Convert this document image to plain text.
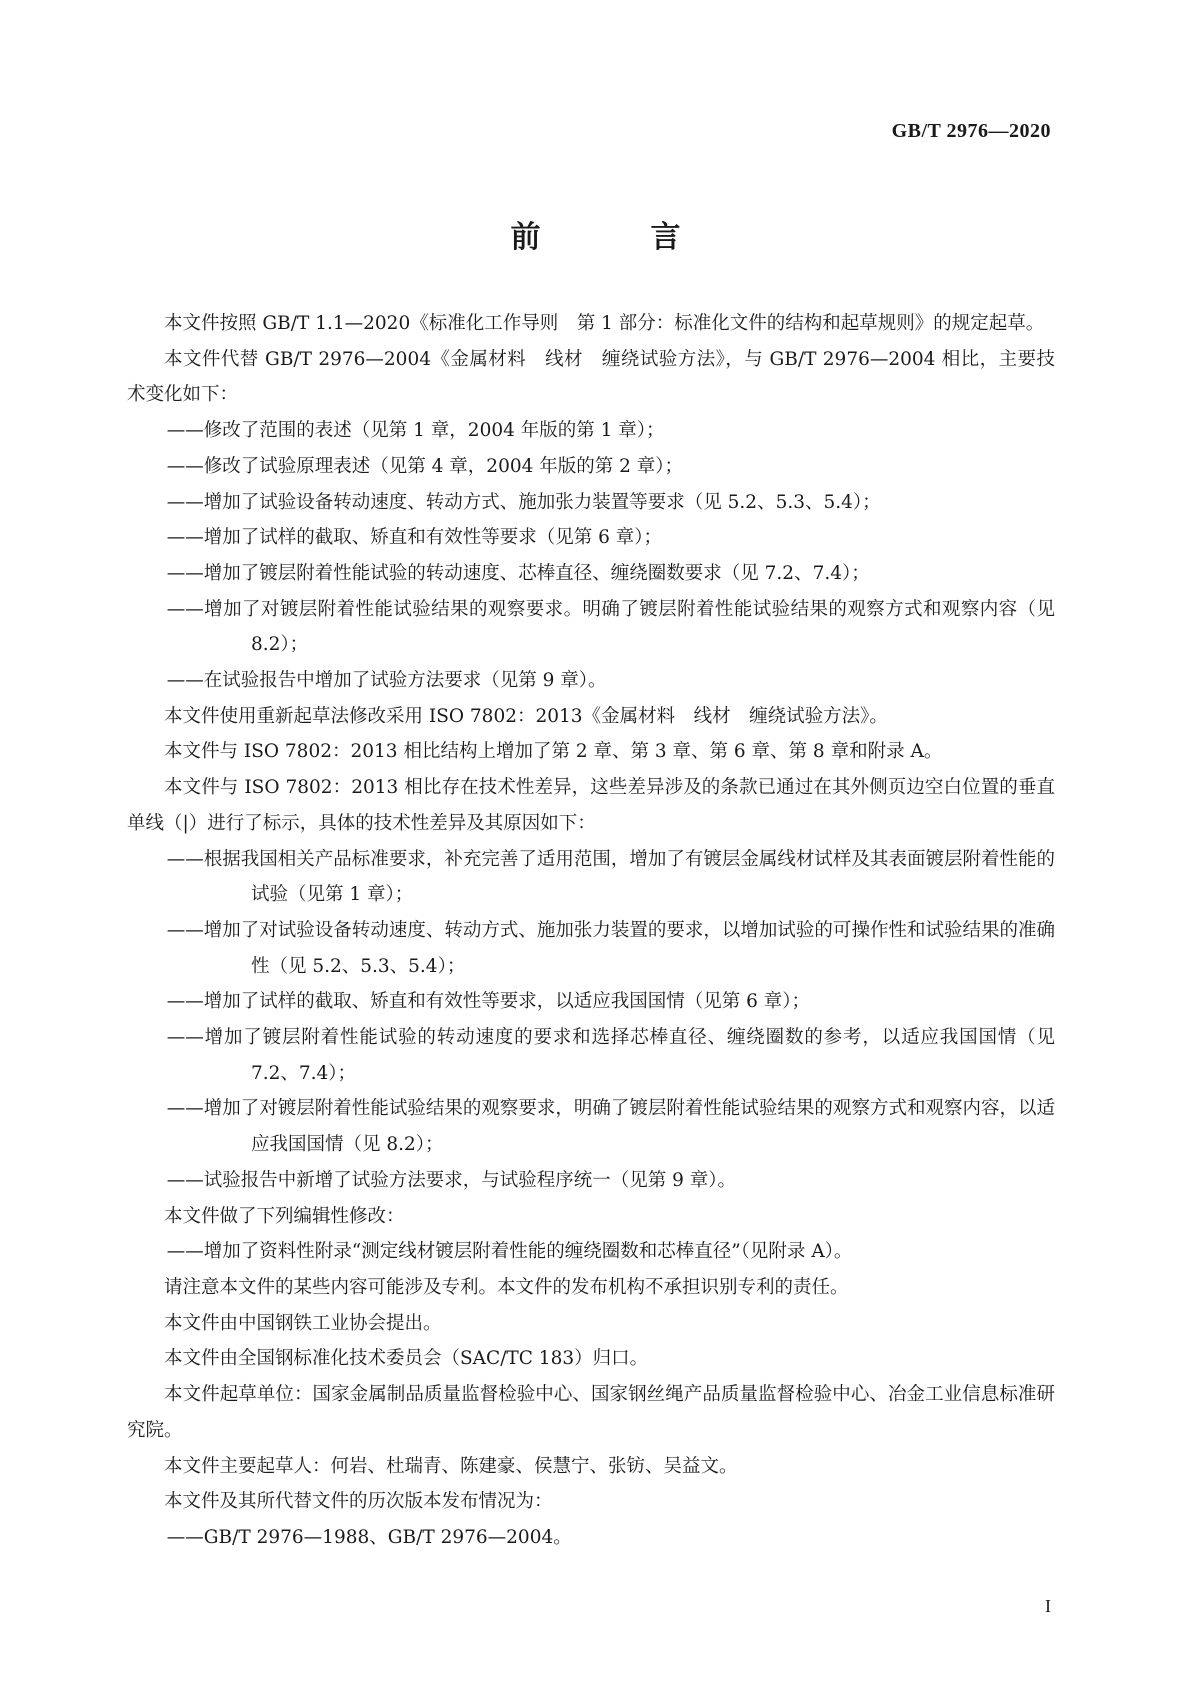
GB/T 2976—2020
前　言

本文件按照 GB/T 1.1—2020《标准化工作导则　第 1 部分：标准化文件的结构和起草规则》的规定起草。

本文件代替 GB/T 2976—2004《金属材料　线材　缠绕试验方法》，与 GB/T 2976—2004 相比，主要技术变化如下：

——修改了范围的表述（见第 1 章，2004 年版的第 1 章）；

——修改了试验原理表述（见第 4 章，2004 年版的第 2 章）；

——增加了试验设备转动速度、转动方式、施加张力装置等要求（见 5.2、5.3、5.4）；

——增加了试样的截取、矫直和有效性等要求（见第 6 章）；

——增加了镀层附着性能试验的转动速度、芯棒直径、缠绕圈数要求（见 7.2、7.4）；

——增加了对镀层附着性能试验结果的观察要求。明确了镀层附着性能试验结果的观察方式和观察内容（见 8.2）；

——在试验报告中增加了试验方法要求（见第 9 章）。

本文件使用重新起草法修改采用 ISO 7802：2013《金属材料　线材　缠绕试验方法》。

本文件与 ISO 7802：2013 相比结构上增加了第 2 章、第 3 章、第 6 章、第 8 章和附录 A。

本文件与 ISO 7802：2013 相比存在技术性差异，这些差异涉及的条款已通过在其外侧页边空白位置的垂直单线（|）进行了标示，具体的技术性差异及其原因如下：

——根据我国相关产品标准要求，补充完善了适用范围，增加了有镀层金属线材试样及其表面镀层附着性能的试验（见第 1 章）；

——增加了对试验设备转动速度、转动方式、施加张力装置的要求，以增加试验的可操作性和试验结果的准确性（见 5.2、5.3、5.4）；

——增加了试样的截取、矫直和有效性等要求，以适应我国国情（见第 6 章）；

——增加了镀层附着性能试验的转动速度的要求和选择芯棒直径、缠绕圈数的参考，以适应我国国情（见 7.2、7.4）；

——增加了对镀层附着性能试验结果的观察要求，明确了镀层附着性能试验结果的观察方式和观察内容，以适应我国国情（见 8.2）；

——试验报告中新增了试验方法要求，与试验程序统一（见第 9 章）。

本文件做了下列编辑性修改：

——增加了资料性附录“测定线材镀层附着性能的缠绕圈数和芯棒直径”（见附录 A）。

请注意本文件的某些内容可能涉及专利。本文件的发布机构不承担识别专利的责任。

本文件由中国钢铁工业协会提出。

本文件由全国钢标准化技术委员会（SAC/TC 183）归口。

本文件起草单位：国家金属制品质量监督检验中心、国家钢丝绳产品质量监督检验中心、冶金工业信息标准研究院。

本文件主要起草人：何岩、杜瑞青、陈建豪、侯慧宁、张钫、吴益文。

本文件及其所代替文件的历次版本发布情况为：

——GB/T 2976—1988、GB/T 2976—2004。

I
